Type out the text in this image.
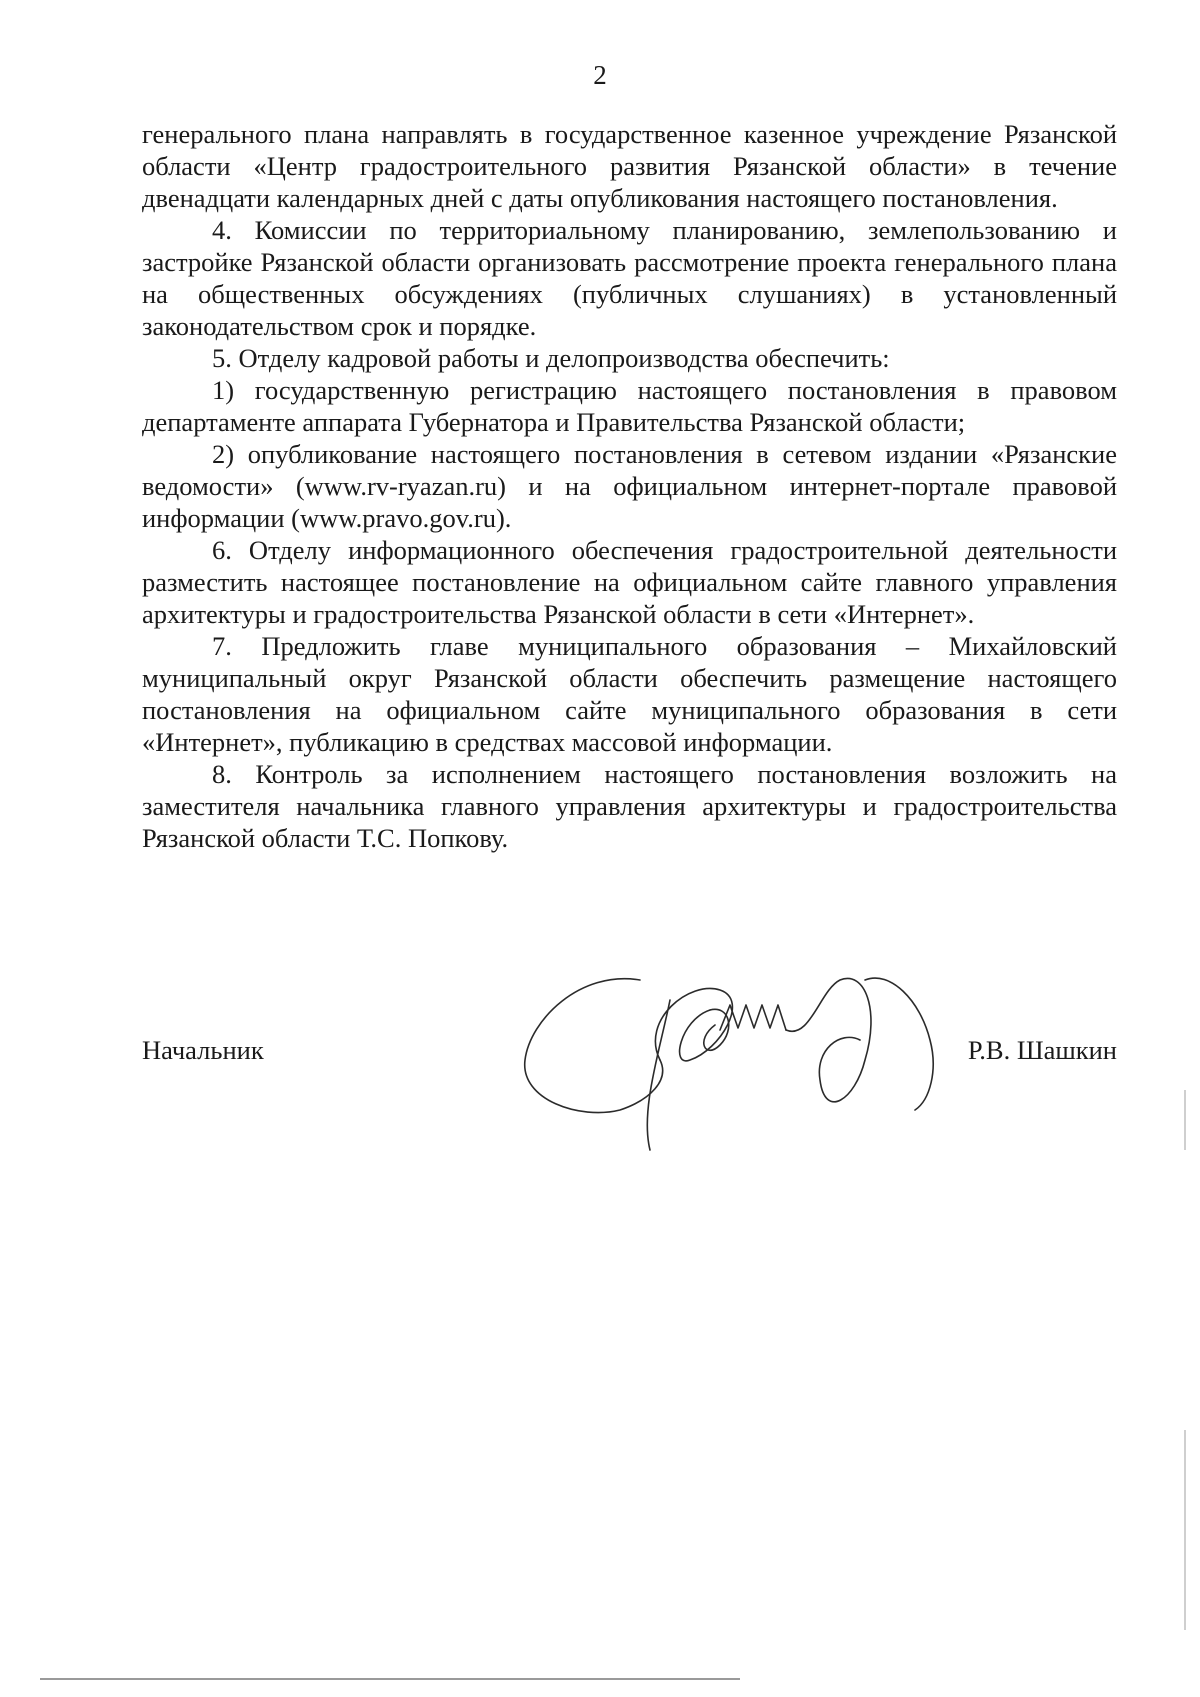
2

генерального плана направлять в государственное казенное учреждение Рязанской области «Центр градостроительного развития Рязанской области» в течение двенадцати календарных дней с даты опубликования настоящего постановления.

4. Комиссии по территориальному планированию, землепользованию и застройке Рязанской области организовать рассмотрение проекта генерального плана на общественных обсуждениях (публичных слушаниях) в установленный законодательством срок и порядке.

5. Отделу кадровой работы и делопроизводства обеспечить:

1) государственную регистрацию настоящего постановления в правовом департаменте аппарата Губернатора и Правительства Рязанской области;

2) опубликование настоящего постановления в сетевом издании «Рязанские ведомости» (www.rv-ryazan.ru) и на официальном интернет-портале правовой информации (www.pravo.gov.ru).

6. Отделу информационного обеспечения градостроительной деятельности разместить настоящее постановление на официальном сайте главного управления архитектуры и градостроительства Рязанской области в сети «Интернет».

7. Предложить главе муниципального образования – Михайловский муниципальный округ Рязанской области обеспечить размещение настоящего постановления на официальном сайте муниципального образования в сети «Интернет», публикацию в средствах массовой информации.

8. Контроль за исполнением настоящего постановления возложить на заместителя начальника главного управления архитектуры и градостроительства Рязанской области Т.С. Попкову.

Начальник	Р.В. Шашкин
